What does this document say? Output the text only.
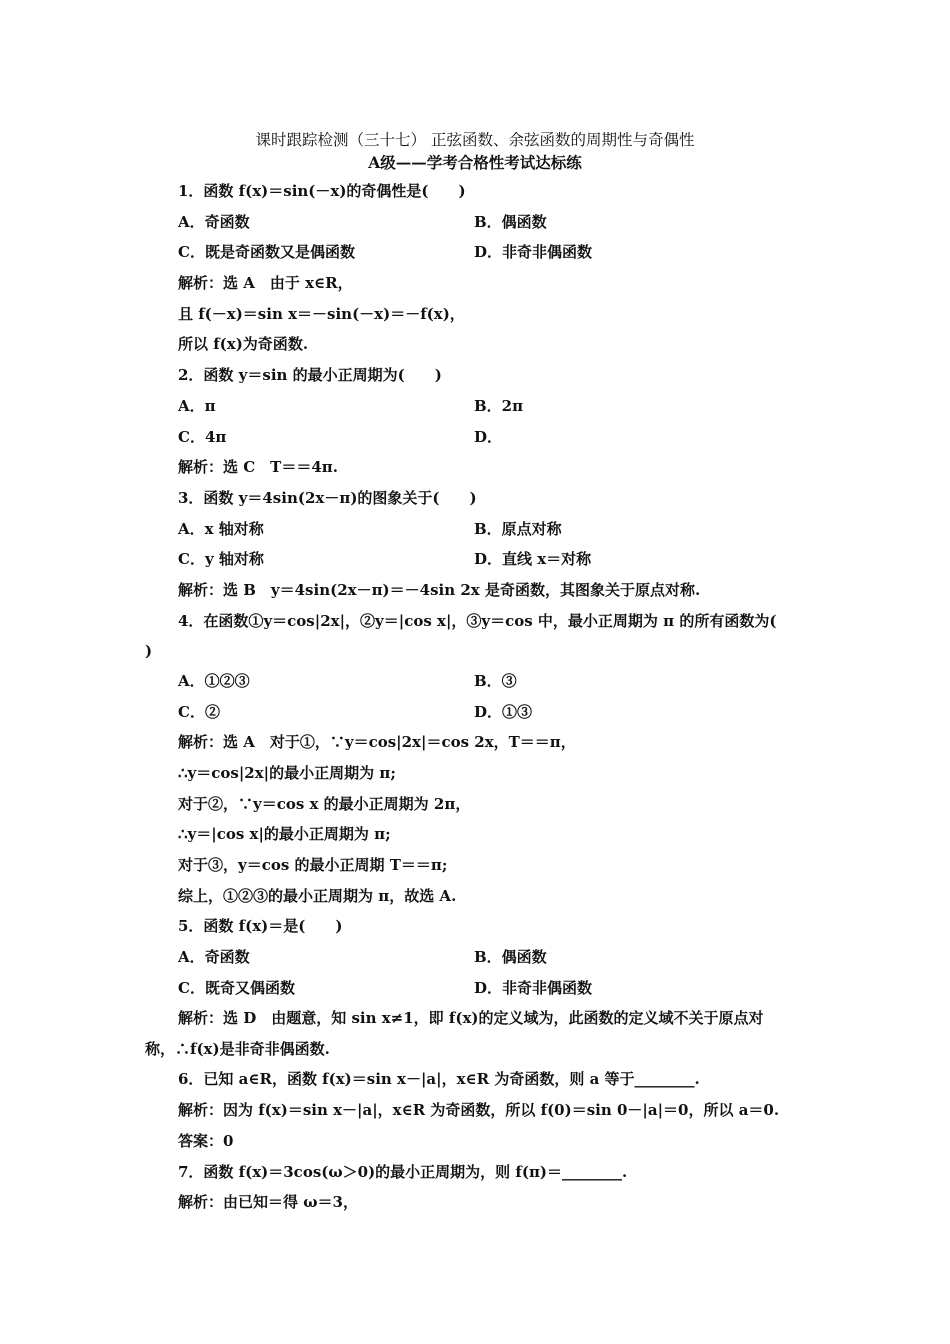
课时跟踪检测（三十七） 正弦函数、余弦函数的周期性与奇偶性
A级——学考合格性考试达标练
1．函数 f(x)＝sin(－x)的奇偶性是(　　)
A．奇函数	B．偶函数
C．既是奇函数又是偶函数	D．非奇非偶函数
解析：选 A　由于 x∈R，
且 f(－x)＝sin x＝－sin(－x)＝－f(x)，
所以 f(x)为奇函数.
2．函数 y＝sin 的最小正周期为(　　)
A．π	B．2π
C．4π	D．
解析：选 C　T＝＝4π.
3．函数 y＝4sin(2x－π)的图象关于(　　)
A．x 轴对称	B．原点对称
C．y 轴对称	D．直线 x＝对称
解析：选 B　y＝4sin(2x－π)＝－4sin 2x 是奇函数，其图象关于原点对称.
4．在函数①y＝cos|2x|，②y＝|cos x|，③y＝cos 中，最小正周期为 π 的所有函数为(
)
A．①②③	B．③
C．②	D．①③
解析：选 A　对于①，∵y＝cos|2x|＝cos 2x，T＝＝π，
∴y＝cos|2x|的最小正周期为 π;
对于②，∵y＝cos x 的最小正周期为 2π，
∴y＝|cos x|的最小正周期为 π;
对于③，y＝cos 的最小正周期 T＝＝π;
综上，①②③的最小正周期为 π，故选 A.
5．函数 f(x)＝是(　　)
A．奇函数	B．偶函数
C．既奇又偶函数	D．非奇非偶函数
解析：选 D　由题意，知 sin x≠1，即 f(x)的定义域为，此函数的定义域不关于原点对
称，∴f(x)是非奇非偶函数.
6．已知 a∈R，函数 f(x)＝sin x－|a|，x∈R 为奇函数，则 a 等于________.
解析：因为 f(x)＝sin x－|a|，x∈R 为奇函数，所以 f(0)＝sin 0－|a|＝0，所以 a＝0.
答案：0
7．函数 f(x)＝3cos(ω＞0)的最小正周期为，则 f(π)＝________.
解析：由已知＝得 ω＝3，
